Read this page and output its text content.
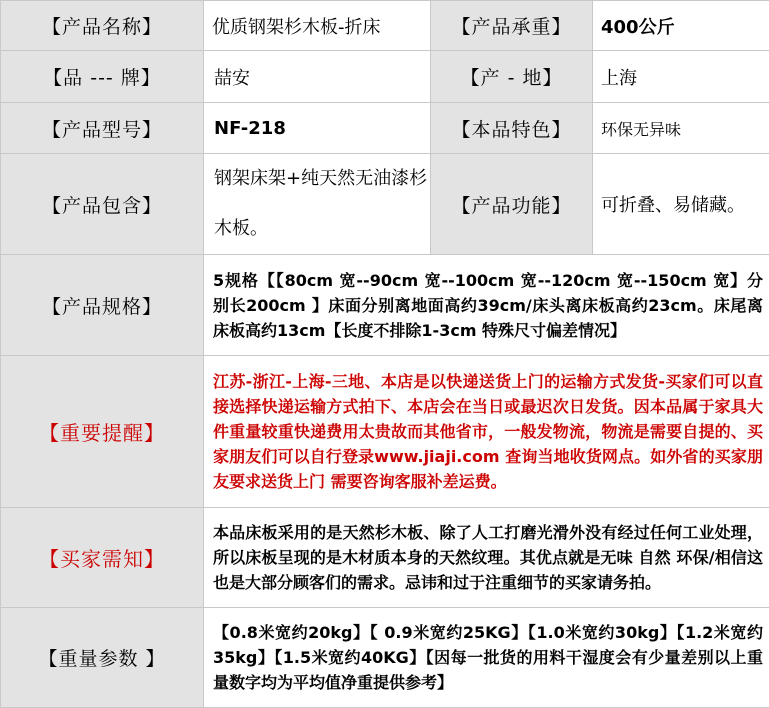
【产品名称】	优质钢架杉木板-折床	【产品承重】	400公斤
【品 --- 牌】	喆安	【产 - 地】	上海
【产品型号】	NF-218	【本品特色】	环保无异味
【产品包含】	钢架床架+纯天然无油漆杉木板。	【产品功能】	可折叠、易储藏。
【产品规格】	5规格【【80cm 宽--90cm 宽--100cm 宽--120cm 宽--150cm 宽】分别长200cm 】床面分别离地面高约39cm/床头离床板高约23cm。床尾离床板高约13cm【长度不排除1-3cm 特殊尺寸偏差情况】		
【重要提醒】	江苏-浙江-上海-三地、本店是以快递送货上门的运输方式发货-买家们可以直接选择快递运输方式拍下、本店会在当日或最迟次日发货。因本品属于家具大件重量较重快递费用太贵故而其他省市，一般发物流，物流是需要自提的、买家朋友们可以自行登录www.jiaji.com 查询当地收货网点。如外省的买家朋友要求送货上门 需要咨询客服补差运费。		
【买家需知】	本品床板采用的是天然杉木板、除了人工打磨光滑外没有经过任何工业处理，所以床板呈现的是木材质本身的天然纹理。其优点就是无味 自然 环保/相信这也是大部分顾客们的需求。忌讳和过于注重细节的买家请务拍。		
【重量参数 】	【0.8米宽约20kg】【 0.9米宽约25KG】【1.0米宽约30kg】【1.2米宽约35kg】【1.5米宽约40KG】【因每一批货的用料干湿度会有少量差别以上重量数字均为平均值净重提供参考】		
